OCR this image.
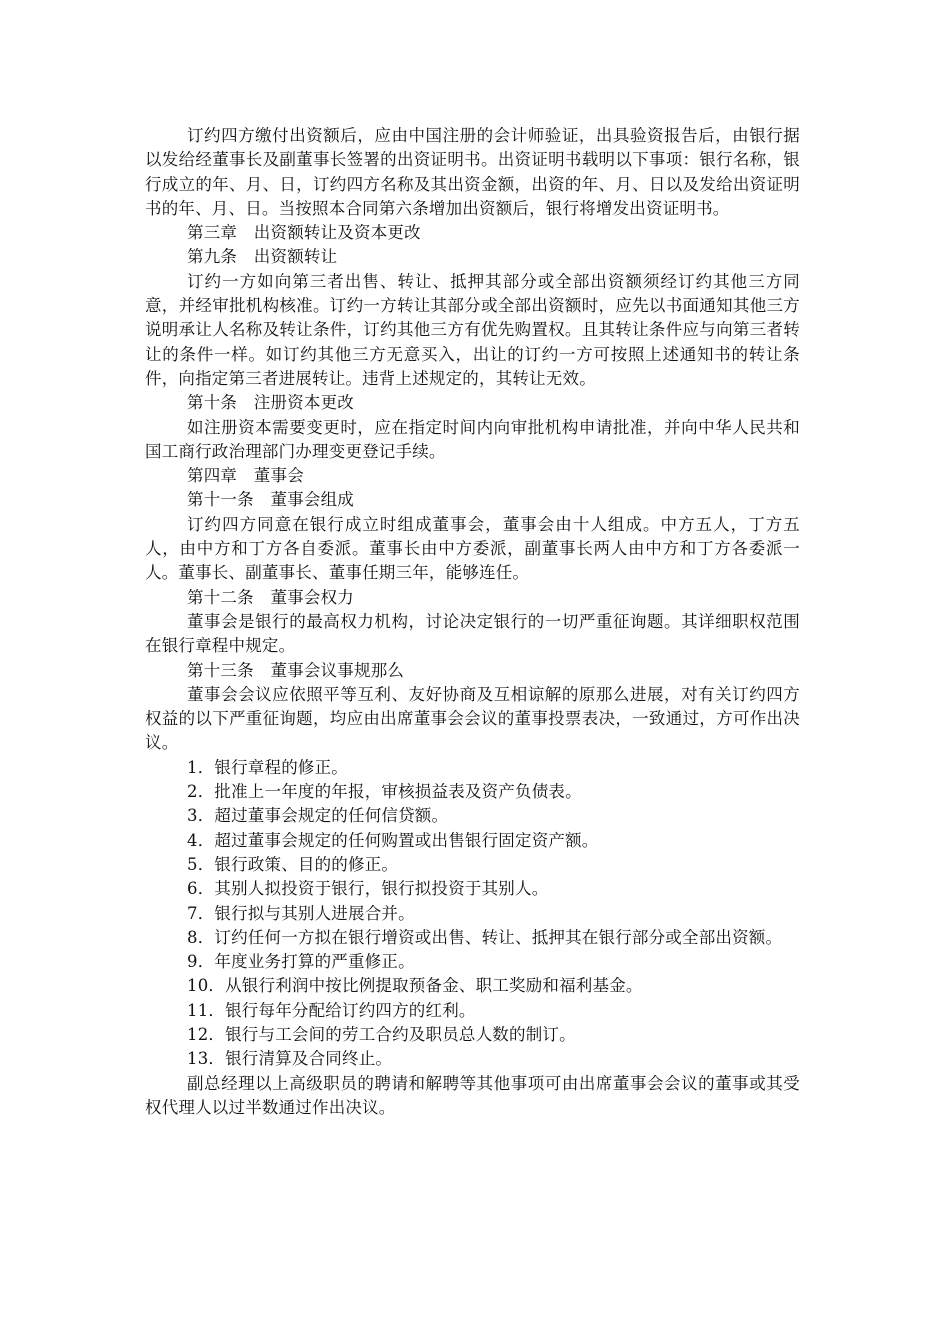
订约四方缴付出资额后，应由中国注册的会计师验证，出具验资报告后，由银行据以发给经董事长及副董事长签署的出资证明书。出资证明书载明以下事项：银行名称，银行成立的年、月、日，订约四方名称及其出资金额，出资的年、月、日以及发给出资证明书的年、月、日。当按照本合同第六条增加出资额后，银行将增发出资证明书。

第三章　出资额转让及资本更改

第九条　出资额转让

订约一方如向第三者出售、转让、抵押其部分或全部出资额须经订约其他三方同意，并经审批机构核准。订约一方转让其部分或全部出资额时，应先以书面通知其他三方说明承让人名称及转让条件，订约其他三方有优先购置权。且其转让条件应与向第三者转让的条件一样。如订约其他三方无意买入，出让的订约一方可按照上述通知书的转让条件，向指定第三者进展转让。违背上述规定的，其转让无效。

第十条　注册资本更改

如注册资本需要变更时，应在指定时间内向审批机构申请批准，并向中华人民共和国工商行政治理部门办理变更登记手续。

第四章　董事会

第十一条　董事会组成

订约四方同意在银行成立时组成董事会，董事会由十人组成。中方五人，丁方五人，由中方和丁方各自委派。董事长由中方委派，副董事长两人由中方和丁方各委派一人。董事长、副董事长、董事任期三年，能够连任。

第十二条　董事会权力

董事会是银行的最高权力机构，讨论决定银行的一切严重征询题。其详细职权范围在银行章程中规定。

第十三条　董事会议事规那么

董事会会议应依照平等互利、友好协商及互相谅解的原那么进展，对有关订约四方权益的以下严重征询题，均应由出席董事会会议的董事投票表决，一致通过，方可作出决议。

1．银行章程的修正。

2．批准上一年度的年报，审核损益表及资产负债表。

3．超过董事会规定的任何信贷额。

4．超过董事会规定的任何购置或出售银行固定资产额。

5．银行政策、目的的修正。

6．其别人拟投资于银行，银行拟投资于其别人。

7．银行拟与其别人进展合并。

8．订约任何一方拟在银行增资或出售、转让、抵押其在银行部分或全部出资额。

9．年度业务打算的严重修正。

10．从银行利润中按比例提取预备金、职工奖励和福利基金。

11．银行每年分配给订约四方的红利。

12．银行与工会间的劳工合约及职员总人数的制订。

13．银行清算及合同终止。

副总经理以上高级职员的聘请和解聘等其他事项可由出席董事会会议的董事或其受权代理人以过半数通过作出决议。
